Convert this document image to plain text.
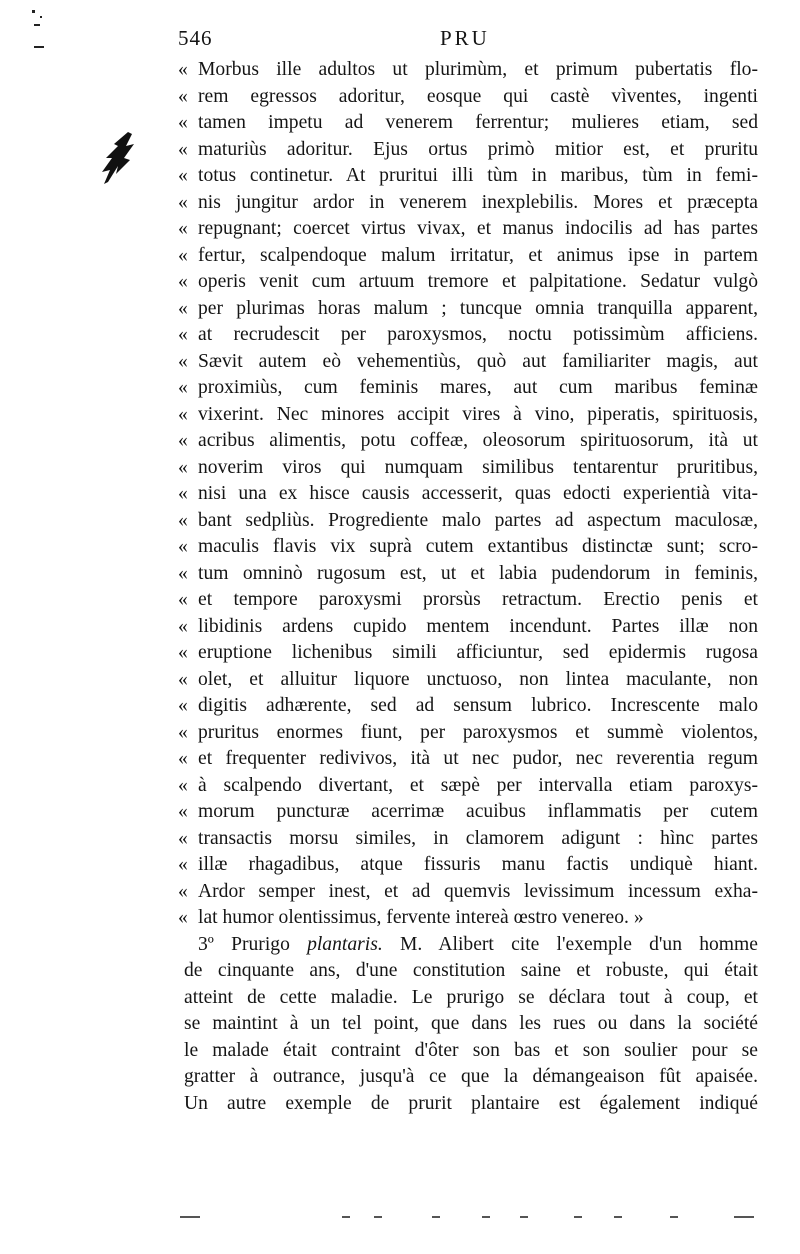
546	PRU
« Morbus ille adultos ut plurimùm, et primum pubertatis flo-
« rem egressos adoritur, eosque qui castè vìventes, ingenti
« tamen impetu ad venerem ferrentur; mulieres etiam, sed
« maturiùs adoritur. Ejus ortus primò mitior est, et pruritu
« totus continetur. At pruritui illi tùm in maribus, tùm in femi-
« nis jungitur ardor in venerem inexplebilis. Mores et præcepta
« repugnant; coercet virtus vivax, et manus indocilis ad has partes
« fertur, scalpendoque malum irritatur, et animus ipse in partem
« operis venit cum artuum tremore et palpitatione. Sedatur vulgò
« per plurimas horas malum ; tuncque omnia tranquilla apparent,
« at recrudescit per paroxysmos, noctu potissimùm afficiens.
« Sævit autem eò vehementiùs, quò aut familiariter magis, aut
« proximiùs, cum feminis mares, aut cum maribus feminæ
« vixerint. Nec minores accipit vires à vino, piperatis, spirituosis,
« acribus alimentis, potu coffeæ, oleosorum spirituosorum, ità ut
« noverim viros qui numquam similibus tentarentur pruritibus,
« nisi una ex hisce causis accesserit, quas edocti experientià vita-
« bant sedpliùs. Progrediente malo partes ad aspectum maculosæ,
« maculis flavis vix suprà cutem extantibus distinctæ sunt; scro-
« tum omninò rugosum est, ut et labia pudendorum in feminis,
« et tempore paroxysmi prorsùs retractum. Erectio penis et
« libidinis ardens cupido mentem incendunt. Partes illæ non
« eruptione lichenibus simili afficiuntur, sed epidermis rugosa
« olet, et alluitur liquore unctuoso, non lintea maculante, non
« digitis adhærente, sed ad sensum lubrico. Increscente malo
« pruritus enormes fiunt, per paroxysmos et summè violentos,
« et frequenter redivivos, ità ut nec pudor, nec reverentia regum
« à scalpendo divertant, et sæpè per intervalla etiam paroxys-
« morum puncturæ acerrimæ acuibus inflammatis per cutem
« transactis morsu similes, in clamorem adigunt : hìnc partes
« illæ rhagadibus, atque fissuris manu factis undiquè hiant.
« Ardor semper inest, et ad quemvis levissimum incessum exha-
« lat humor olentissimus, fervente intereà œstro venereo. »
3º Prurigo plantaris. M. Alibert cite l'exemple d'un homme
de cinquante ans, d'une constitution saine et robuste, qui était
atteint de cette maladie. Le prurigo se déclara tout à coup, et
se maintint à un tel point, que dans les rues ou dans la société
le malade était contraint d'ôter son bas et son soulier pour se
gratter à outrance, jusqu'à ce que la démangeaison fût apaisée.
Un autre exemple de prurit plantaire est également indiqué
